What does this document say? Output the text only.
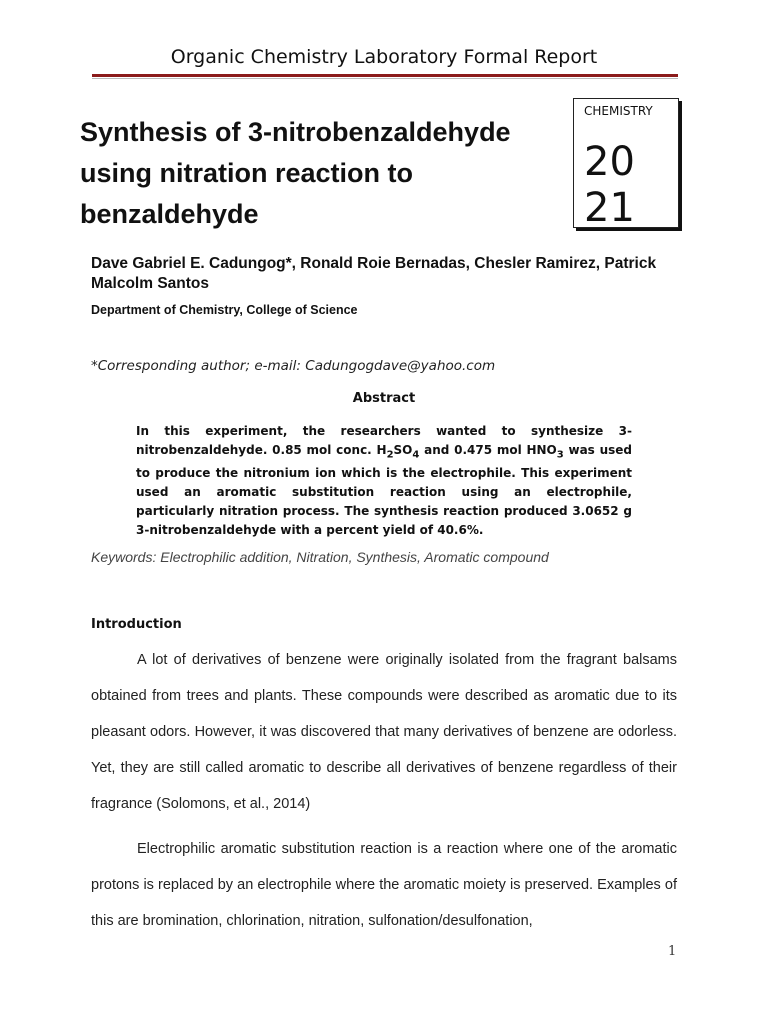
Organic Chemistry Laboratory Formal Report
Synthesis of 3-nitrobenzaldehyde using nitration reaction to benzaldehyde
CHEMISTRY
2021
Dave Gabriel E. Cadungog*, Ronald Roie Bernadas, Chesler Ramirez, Patrick Malcolm Santos
Department of Chemistry, College of Science
*Corresponding author; e-mail: Cadungogdave@yahoo.com
Abstract

In this experiment, the researchers wanted to synthesize 3-nitrobenzaldehyde. 0.85 mol conc. $H_2SO_4$ and 0.475 mol $HNO_3$ was used to produce the nitronium ion which is the electrophile. This experiment used an aromatic substitution reaction using an electrophile, particularly nitration process. The synthesis reaction produced 3.0652 g 3-nitrobenzaldehyde with a percent yield of 40.6%.

Keywords: Electrophilic addition, Nitration, Synthesis, Aromatic compound
Introduction

A lot of derivatives of benzene were originally isolated from the fragrant balsams obtained from trees and plants. These compounds were described as aromatic due to its pleasant odors. However, it was discovered that many derivatives of benzene are odorless. Yet, they are still called aromatic to describe all derivatives of benzene regardless of their fragrance (Solomons, et al., 2014)

Electrophilic aromatic substitution reaction is a reaction where one of the aromatic protons is replaced by an electrophile where the aromatic moiety is preserved. Examples of this are bromination, chlorination, nitration, sulfonation/desulfonation,

1
